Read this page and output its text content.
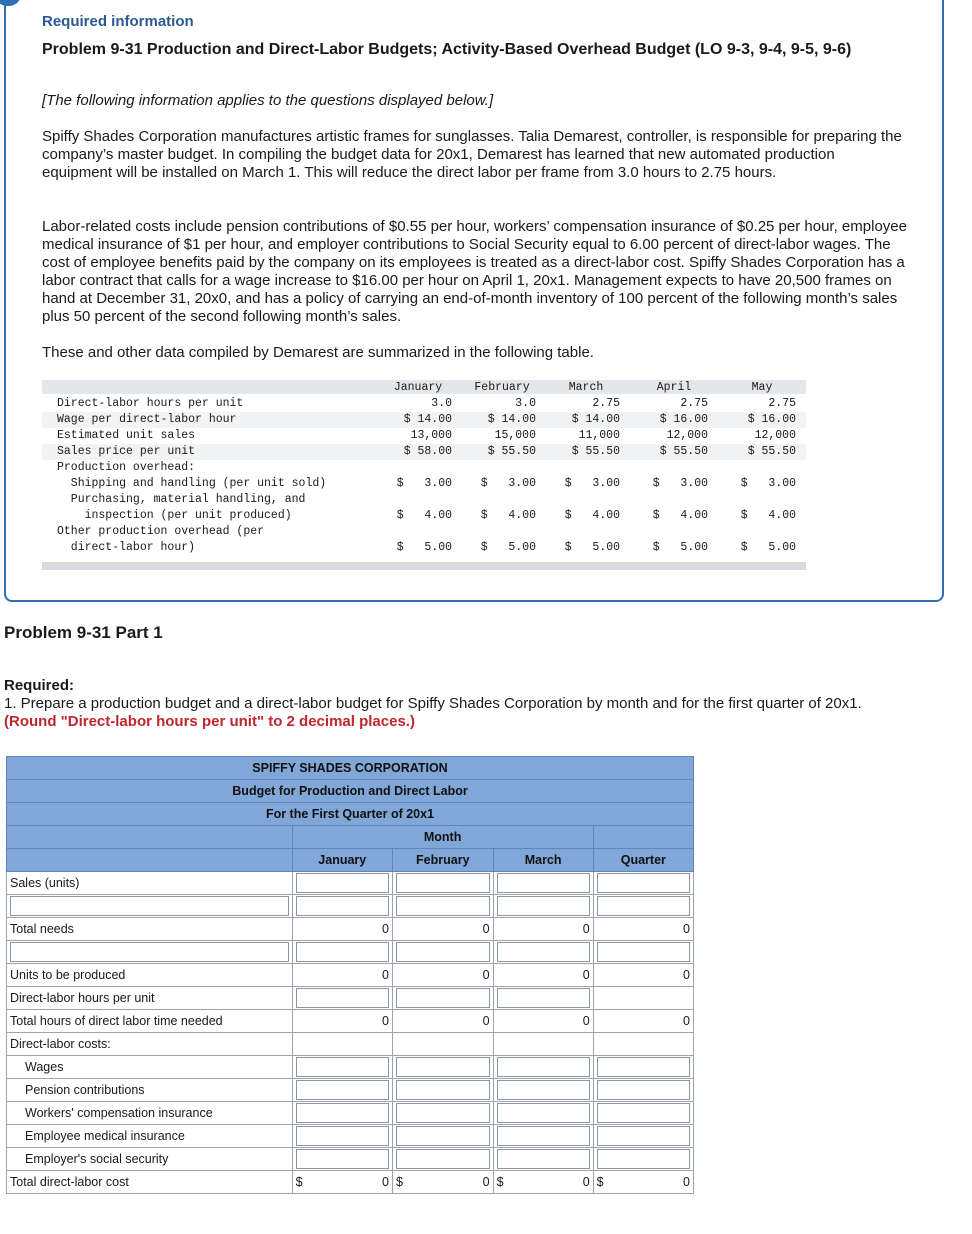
Required information
Problem 9-31 Production and Direct-Labor Budgets; Activity-Based Overhead Budget (LO 9-3, 9-4, 9-5, 9-6)
[The following information applies to the questions displayed below.]
Spiffy Shades Corporation manufactures artistic frames for sunglasses. Talia Demarest, controller, is responsible for preparing the company’s master budget. In compiling the budget data for 20x1, Demarest has learned that new automated production equipment will be installed on March 1. This will reduce the direct labor per frame from 3.0 hours to 2.75 hours.
Labor-related costs include pension contributions of $0.55 per hour, workers’ compensation insurance of $0.25 per hour, employee medical insurance of $1 per hour, and employer contributions to Social Security equal to 6.00 percent of direct-labor wages. The cost of employee benefits paid by the company on its employees is treated as a direct-labor cost. Spiffy Shades Corporation has a labor contract that calls for a wage increase to $16.00 per hour on April 1, 20x1. Management expects to have 20,500 frames on hand at December 31, 20x0, and has a policy of carrying an end-of-month inventory of 100 percent of the following month’s sales plus 50 percent of the second following month’s sales.
These and other data compiled by Demarest are summarized in the following table.
January	February	March	April	May
Direct-labor hours per unit	3.0	3.0	2.75	2.75	2.75
Wage per direct-labor hour	$ 14.00	$ 14.00	$ 14.00	$ 16.00	$ 16.00
Estimated unit sales	13,000	15,000	11,000	12,000	12,000
Sales price per unit	$ 58.00	$ 55.50	$ 55.50	$ 55.50	$ 55.50
Production overhead:
Shipping and handling (per unit sold)	$   3.00	$   3.00	$   3.00	$   3.00	$   3.00
Purchasing, material handling, and
inspection (per unit produced)	$   4.00	$   4.00	$   4.00	$   4.00	$   4.00
Other production overhead (per
direct-labor hour)	$   5.00	$   5.00	$   5.00	$   5.00	$   5.00
Problem 9-31 Part 1
Required:
1. Prepare a production budget and a direct-labor budget for Spiffy Shades Corporation by month and for the first quarter of 20x1.
(Round "Direct-labor hours per unit" to 2 decimal places.)
SPIFFY SHADES CORPORATION				
Budget for Production and Direct Labor				
For the First Quarter of 20x1				
	Month			
	January	February	March	Quarter
Sales (units)	

Total needs	0	0	0	0

Units to be produced	0	0	0	0
Direct-labor hours per unit	

Total hours of direct labor time needed	0	0	0	0
Direct-labor costs:				
Wages	

Pension contributions	

Workers' compensation insurance	

Employee medical insurance	

Employer's social security	

Total direct-labor cost	$ 0	$ 0	$ 0	$ 0
